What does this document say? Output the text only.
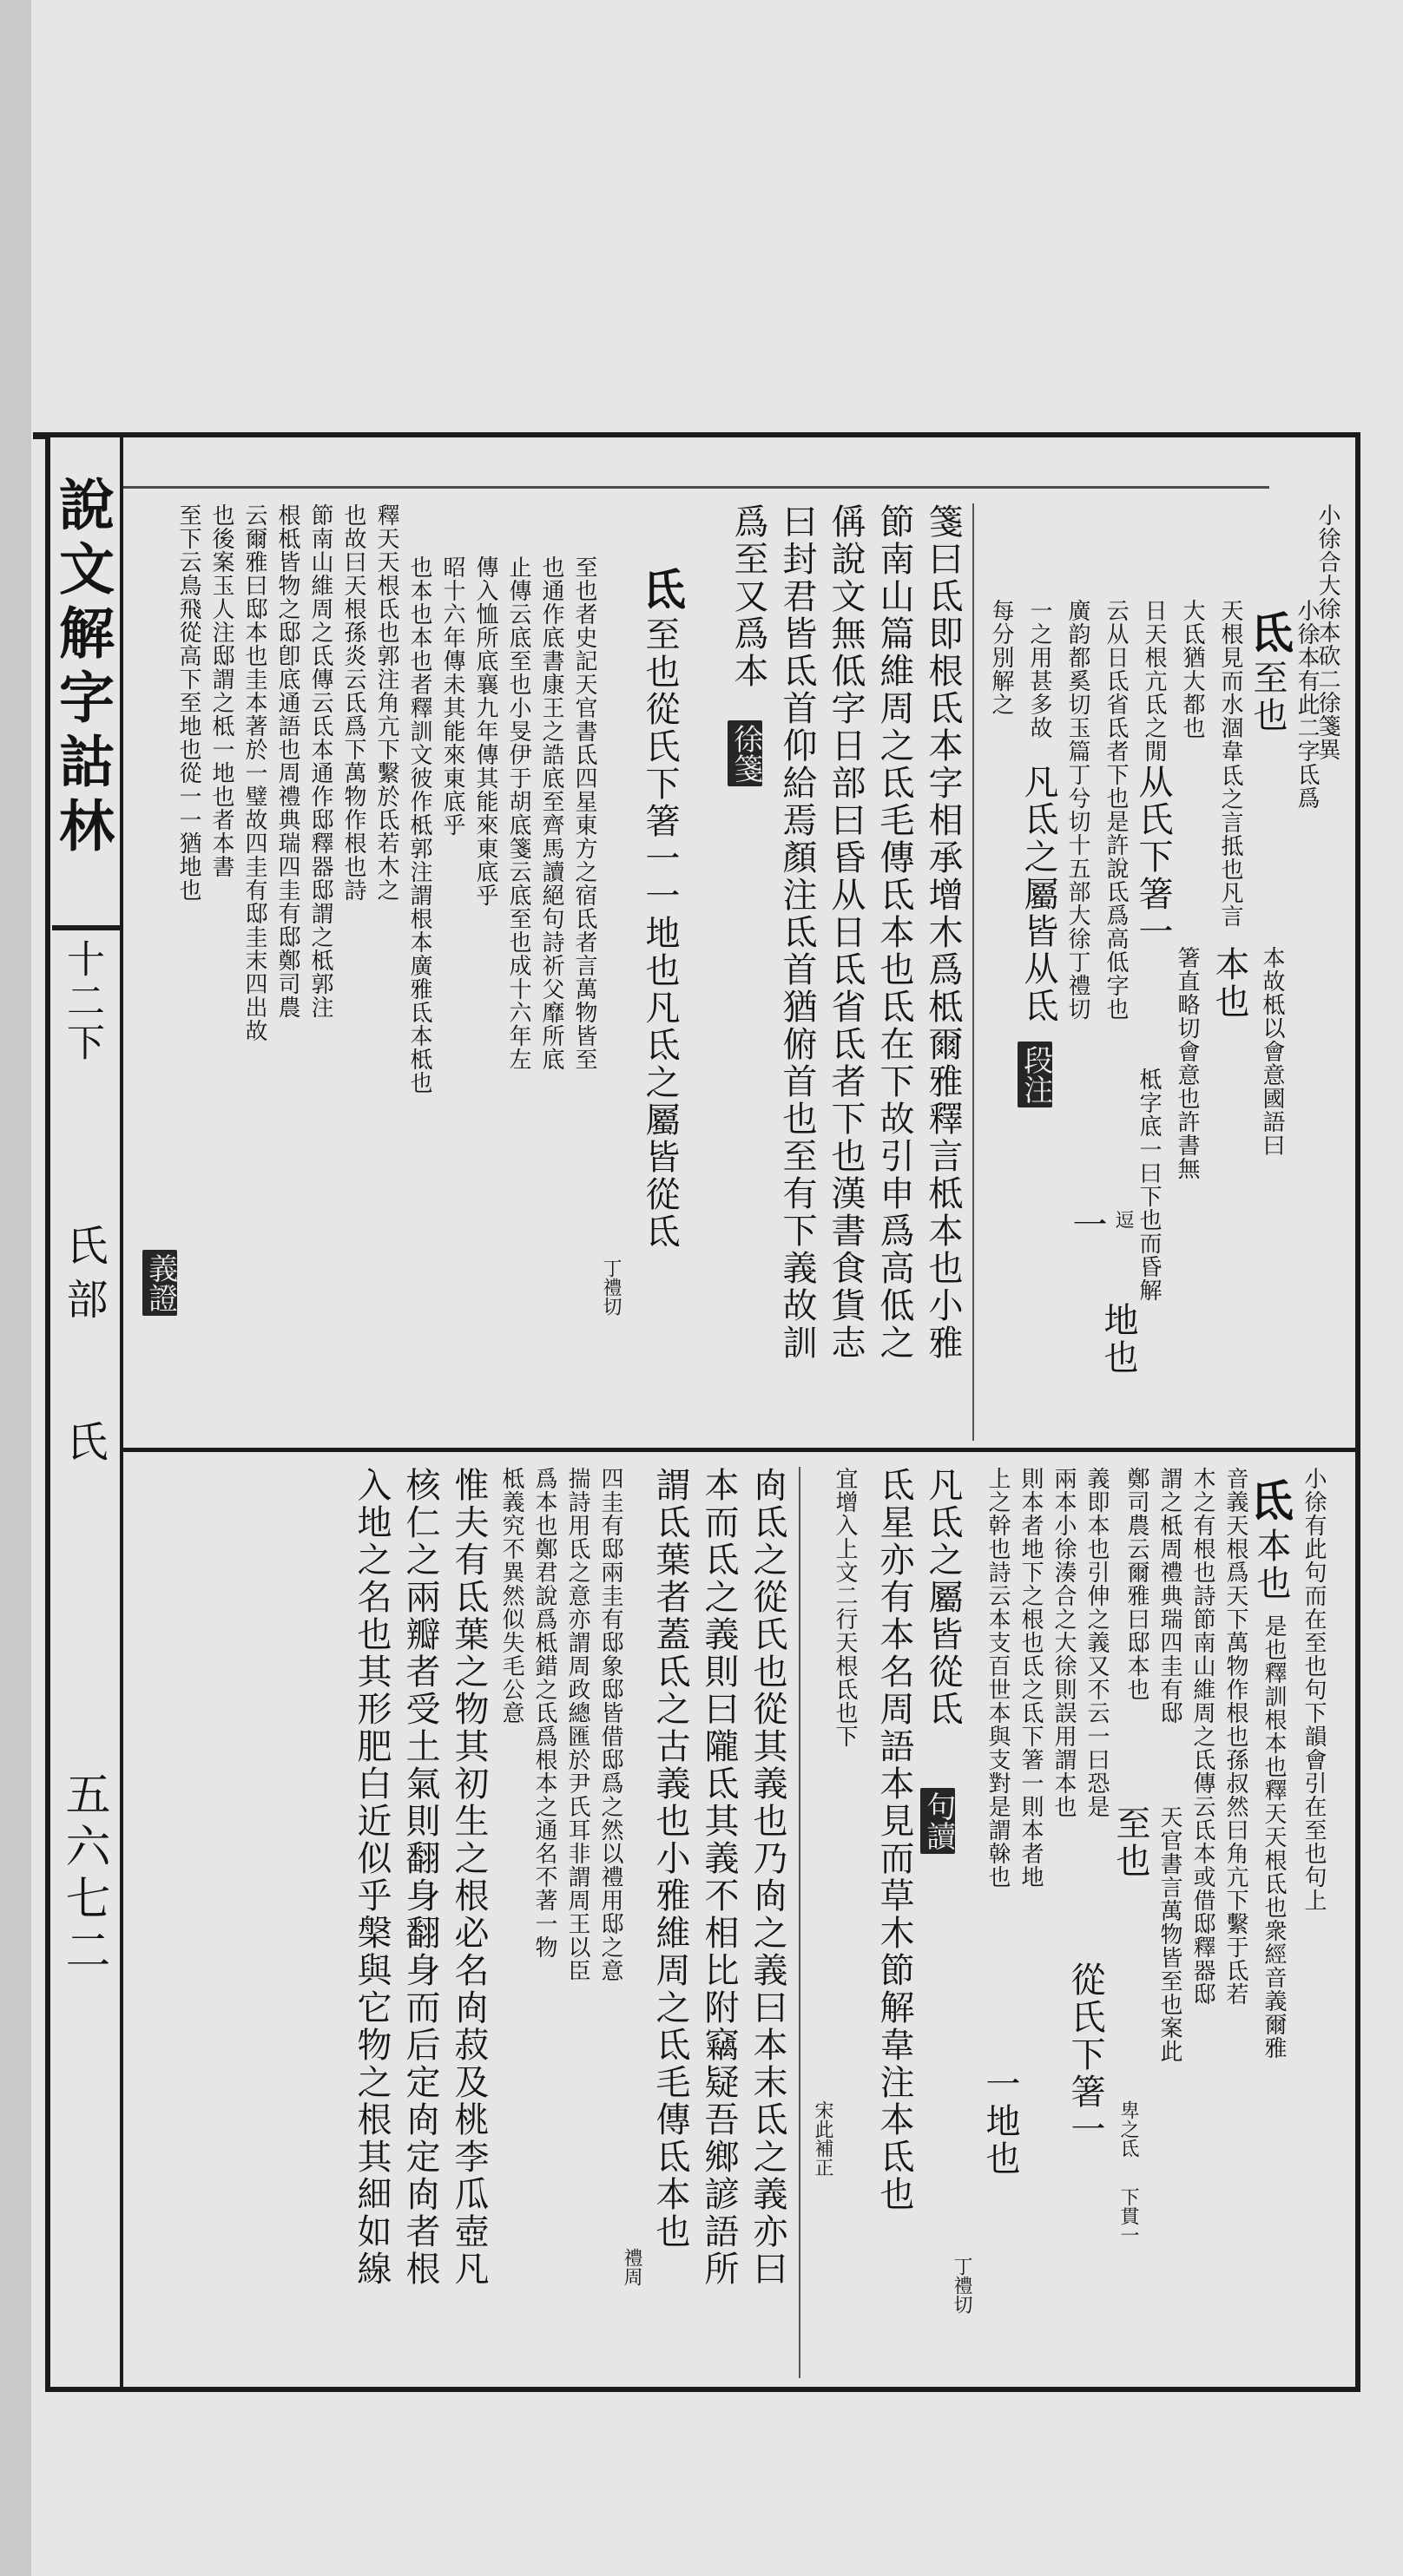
說文解字詁林
十二下
氏部
氏
五六七二
小徐合大徐本砍二徐箋異
氐
至也 小徐本有此二字氐爲
天根見而水涸韋
氐之言抵也凡言
本也 本故柢以會意國語曰
大氐猶大都也
日天根亢氐之閒
从氏下箸一
箸直略切會意也許書無
云从日氐省氐者下也是許說氐爲高低字也
柢字底一曰下也而昏解
廣韵都奚切玉篇丁兮切十五部大徐丁禮切
一 逗
地也
一之用甚多故
凡氐之屬皆从氐
段注
每分別解之
箋曰氐即根氐本字相承增木爲柢爾雅釋言柢本也小雅
節南山篇維周之氐毛傳氐本也氐在下故引申爲高低之
偁說文無低字日部曰昏从日氐省氐者下也漢書食貨志
曰封君皆氐首仰給焉顏注氐首猶俯首也至有下義故訓
爲至又爲本
徐箋
氐
至也從氏下箸一一地也凡氐之屬皆從氐
丁禮切
至也者史記天官書氐四星東方之宿氐者言萬物皆至
也通作底書康王之誥底至齊馬讀絕句詩祈父靡所底
止傳云底至也小旻伊于胡底箋云底至也成十六年左
傳入恤所底襄九年傳其能來東底乎
昭十六年傳未其能來東底乎
也本也本也者釋訓文彼作柢郭注謂根本廣雅氐本柢也
釋天天根氐也郭注角亢下繫於氐若木之
也故曰天根孫炎云氐爲下萬物作根也詩
節南山維周之氐傳云氐本通作邸釋器邸謂之柢郭注
根柢皆物之邸卽底通語也周禮典瑞四圭有邸鄭司農
云爾雅曰邸本也圭本著於一璧故四圭有邸圭末四出故
也後案玉人注邸謂之柢一地也者本書
至下云鳥飛從高下至地也從一一猶地也
義證
氐
本也 小徐有此句而在至也句下韻會引在至也句上
是也釋訓根本也釋天天根氐也衆經音義爾雅
音義天根爲天下萬物作根也孫叔然曰角亢下繫于氐若
木之有根也詩節南山維周之氐傳云氐本或借邸釋器邸
謂之柢周禮典瑞四圭有邸
鄭司農云爾雅曰邸本也
至也 天官書言萬物皆至也案此
義即本也引伸之義又不云一曰恐是
兩本小徐湊合之大徐則誤用謂本也
從氏下箸一 卑之氐
則本者地下之根也氐之氐下箸一則本者地
下貫一
上之幹也詩云本支百世本與支對是謂榦也
一地也
丁禮切
凡氐之屬皆從氐
句讀
氐星亦有本名周語本見而草木節解韋注本氐也
宋此補正
宜增入上文二行天根氐也下
㕯氐之從氏也從其義也乃㕯之義曰本末氐之義亦曰
本而氐之義則曰隴氐其義不相比附竊疑吾鄉諺語所
謂氐葉者蓋氐之古義也小雅維周之氐毛傳氐本也
禮周
四圭有邸兩圭有邸象邸皆借邸爲之然以禮用邸之意
揣詩用氐之意亦謂周政總匯於尹氏耳非謂周王以臣
爲本也鄭君說爲柢錯之氐爲根本之通名不著一物
柢義究不異然似失毛公意
惟夫有氐葉之物其初生之根必名㕯菽及桃李瓜壺凡
核仁之兩瓣者受土氣則翻身翻身而后定㕯定㕯者根
入地之名也其形肥白近似乎槃與它物之根其細如線
